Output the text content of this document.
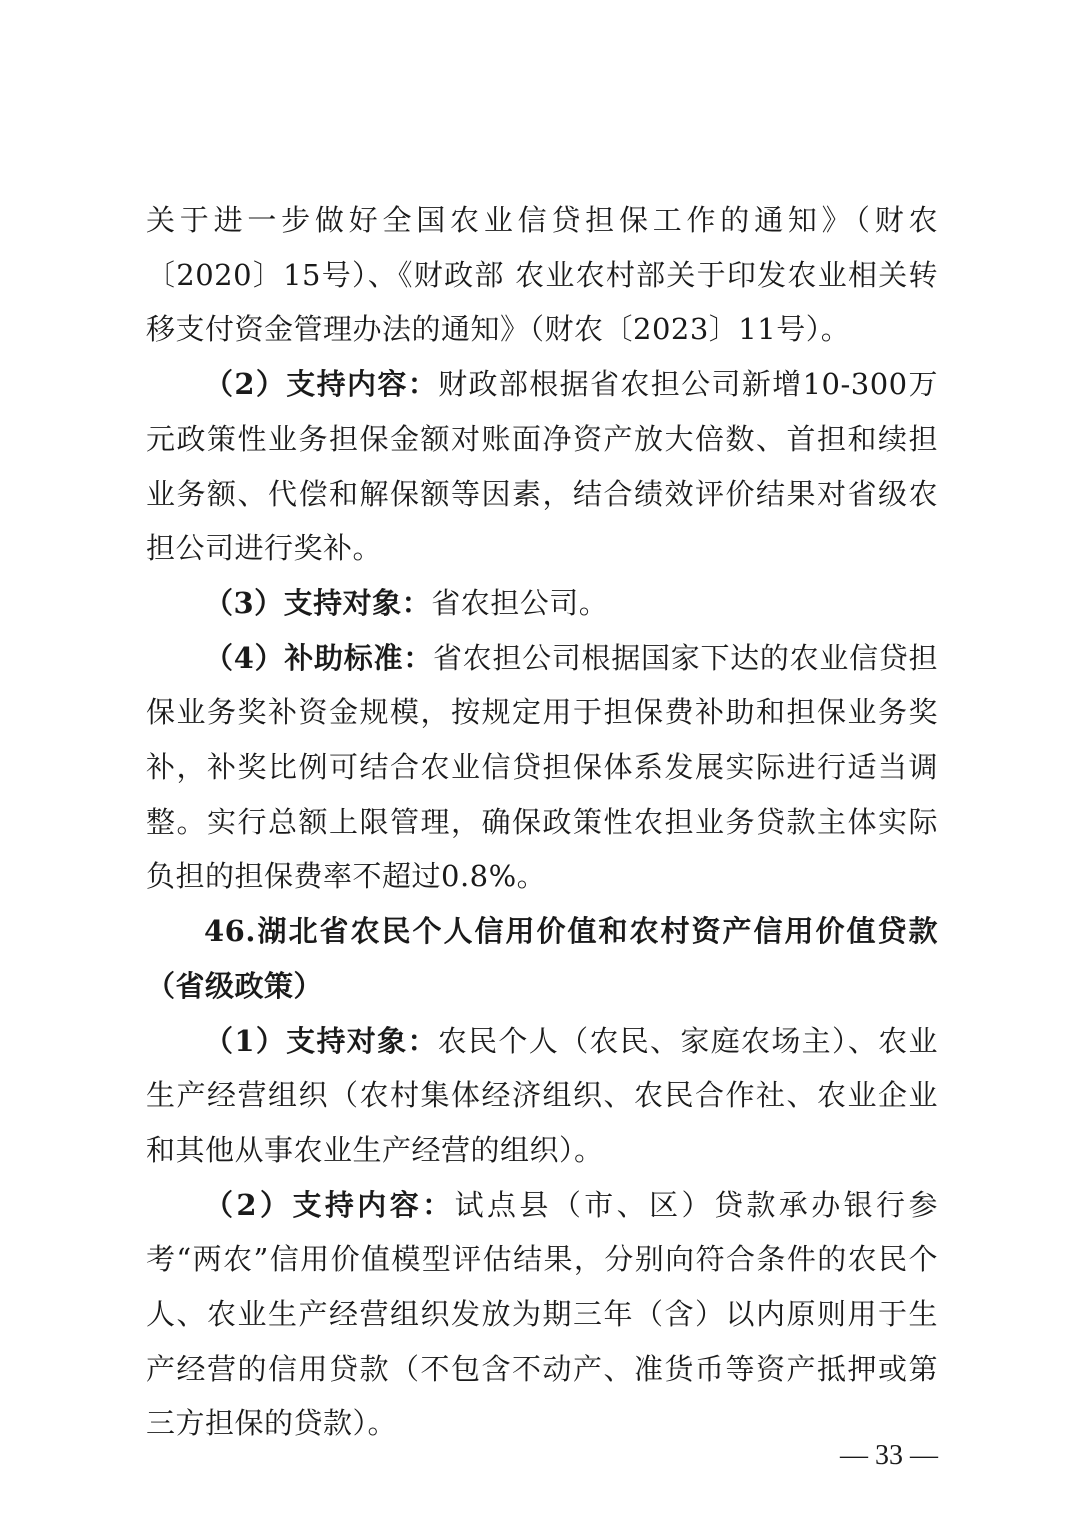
关于进一步做好全国农业信贷担保工作的通知》（财农〔2020〕15号）、《财政部 农业农村部关于印发农业相关转移支付资金管理办法的通知》（财农〔2023〕11号）。

（2）支持内容：财政部根据省农担公司新增10-300万元政策性业务担保金额对账面净资产放大倍数、首担和续担业务额、代偿和解保额等因素，结合绩效评价结果对省级农担公司进行奖补。

（3）支持对象：省农担公司。

（4）补助标准：省农担公司根据国家下达的农业信贷担保业务奖补资金规模，按规定用于担保费补助和担保业务奖补，补奖比例可结合农业信贷担保体系发展实际进行适当调整。实行总额上限管理，确保政策性农担业务贷款主体实际负担的担保费率不超过0.8%。

46.湖北省农民个人信用价值和农村资产信用价值贷款（省级政策）

（1）支持对象：农民个人（农民、家庭农场主）、农业生产经营组织（农村集体经济组织、农民合作社、农业企业和其他从事农业生产经营的组织）。

（2）支持内容：试点县（市、区）贷款承办银行参考“两农”信用价值模型评估结果，分别向符合条件的农民个人、农业生产经营组织发放为期三年（含）以内原则用于生产经营的信用贷款（不包含不动产、准货币等资产抵押或第三方担保的贷款）。

— 33 —
